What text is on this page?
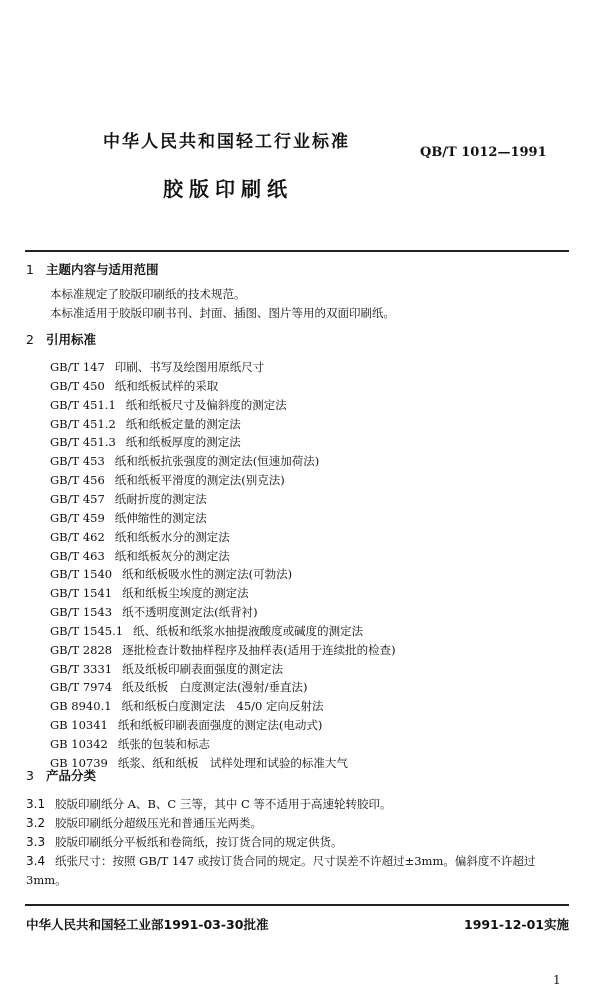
中华人民共和国轻工行业标准
QB/T 1012—1991
胶版印刷纸
1 主题内容与适用范围
本标准规定了胶版印刷纸的技术规范。
本标准适用于胶版印刷书刊、封面、插图、图片等用的双面印刷纸。
2 引用标准
GB/T 147 印刷、书写及绘图用原纸尺寸
GB/T 450 纸和纸板试样的采取
GB/T 451.1 纸和纸板尺寸及偏斜度的测定法
GB/T 451.2 纸和纸板定量的测定法
GB/T 451.3 纸和纸板厚度的测定法
GB/T 453 纸和纸板抗张强度的测定法(恒速加荷法)
GB/T 456 纸和纸板平滑度的测定法(别克法)
GB/T 457 纸耐折度的测定法
GB/T 459 纸伸缩性的测定法
GB/T 462 纸和纸板水分的测定法
GB/T 463 纸和纸板灰分的测定法
GB/T 1540 纸和纸板吸水性的测定法(可勃法)
GB/T 1541 纸和纸板尘埃度的测定法
GB/T 1543 纸不透明度测定法(纸背衬)
GB/T 1545.1 纸、纸板和纸浆水抽提液酸度或碱度的测定法
GB/T 2828 逐批检查计数抽样程序及抽样表(适用于连续批的检查)
GB/T 3331 纸及纸板印刷表面强度的测定法
GB/T 7974 纸及纸板　白度测定法(漫射/垂直法)
GB 8940.1 纸和纸板白度测定法　45/0 定向反射法
GB 10341 纸和纸板印刷表面强度的测定法(电动式)
GB 10342 纸张的包装和标志
GB 10739 纸浆、纸和纸板　试样处理和试验的标准大气
3 产品分类
3.1 胶版印刷纸分 A、B、C 三等，其中 C 等不适用于高速轮转胶印。
3.2 胶版印刷纸分超级压光和普通压光两类。
3.3 胶版印刷纸分平板纸和卷筒纸，按订货合同的规定供货。
3.4 纸张尺寸：按照 GB/T 147 或按订货合同的规定。尺寸误差不许超过±3mm。偏斜度不许超过
3mm。
中华人民共和国轻工业部1991-03-30批准	1991-12-01实施
1
